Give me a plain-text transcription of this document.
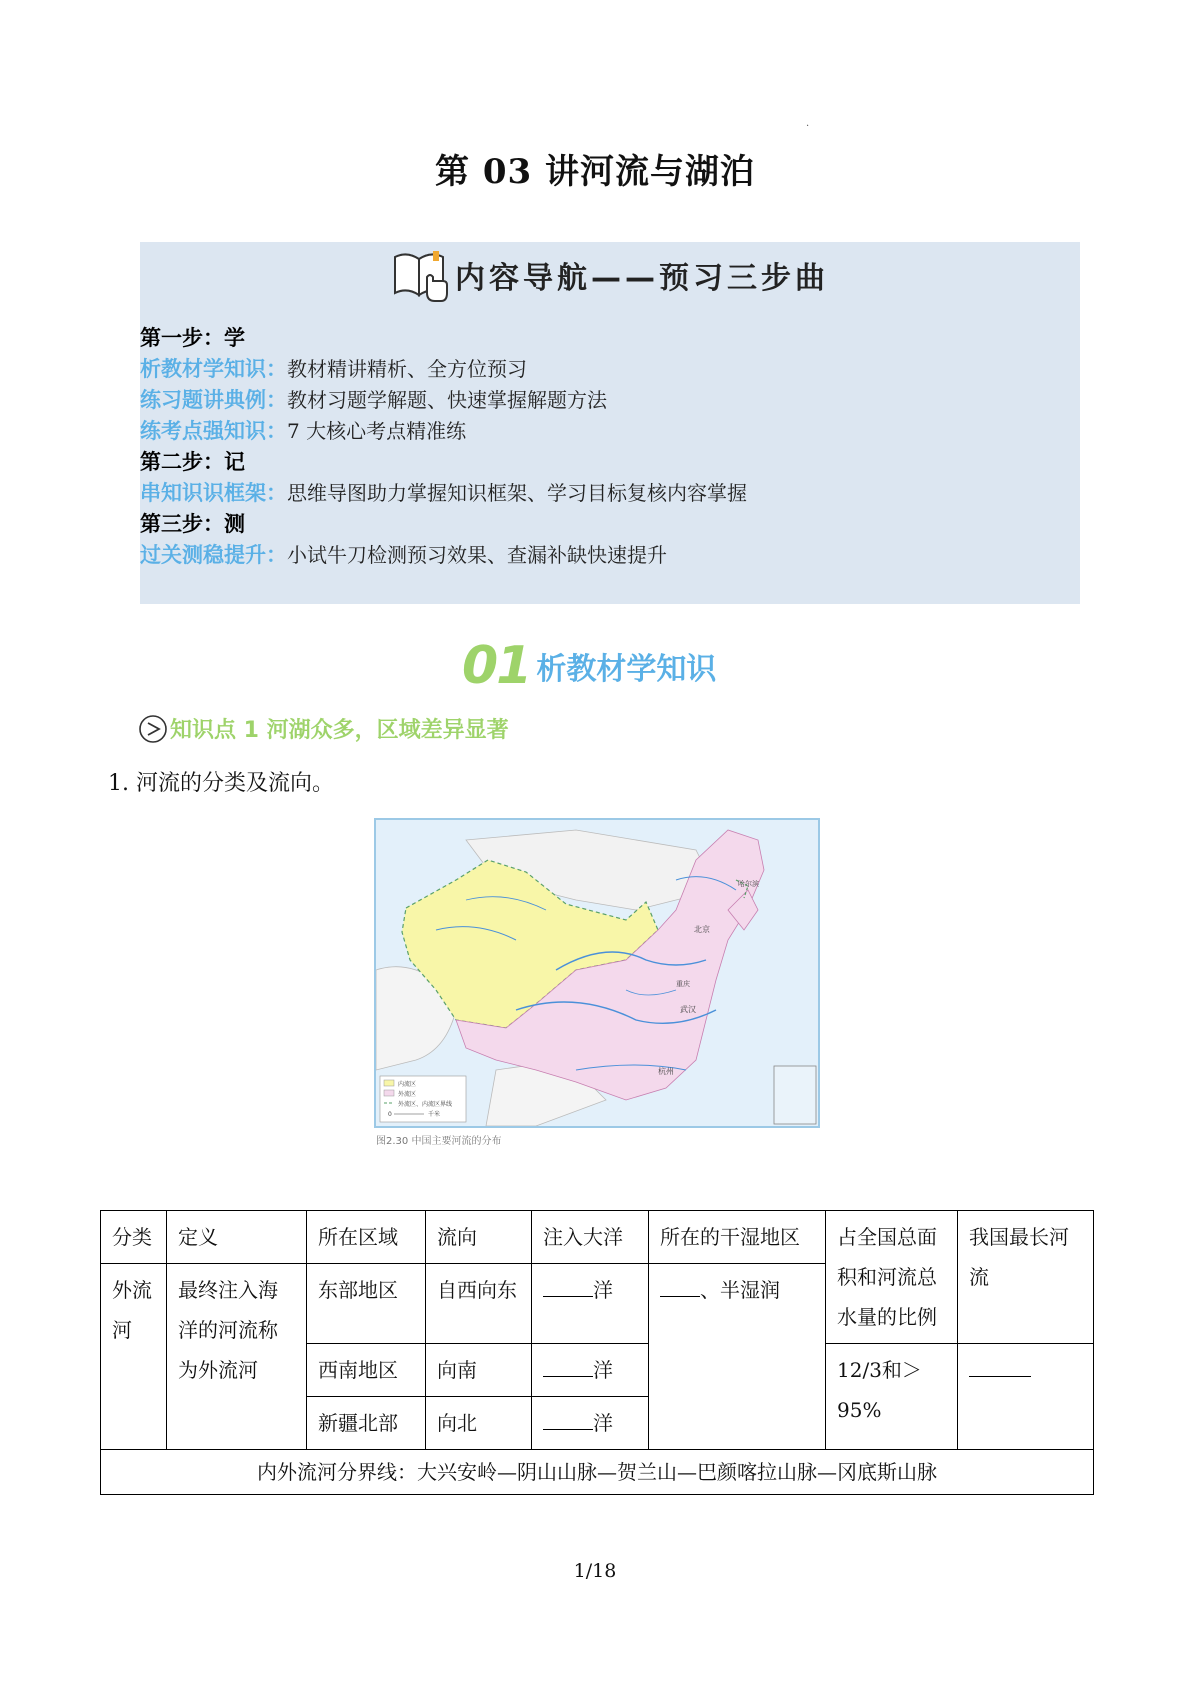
.
第 03 讲河流与湖泊
内容导航——预习三步曲
第一步：学
析教材学知识：教材精讲精析、全方位预习
练习题讲典例：教材习题学解题、快速掌握解题方法
练考点强知识：7 大核心考点精准练
第二步：记
串知识识框架：思维导图助力掌握知识框架、学习目标复核内容掌握
第三步：测
过关测稳提升：小试牛刀检测预习效果、查漏补缺快速提升
01 析教材学知识
知识点 1 河湖众多，区域差异显著
1. 河流的分类及流向。
北京
武汉
杭州
哈尔滨
重庆
内流区
外流区
外流区、内流区界线
0	千米
图2.30 中国主要河流的分布
分类	定义	所在区域	流向	注入大洋	所在的干湿地区	占全国总面积和河流总水量的比例	我国最长河流
外流河	最终注入海洋的河流称为外流河	东部地区	自西向东	洋	、半湿润		
		西南地区	向南	洋		12/3和＞95%	
		新疆北部	向北	洋			
内外流河分界线：大兴安岭—阴山山脉—贺兰山—巴颜喀拉山脉—冈底斯山脉							
1/18
